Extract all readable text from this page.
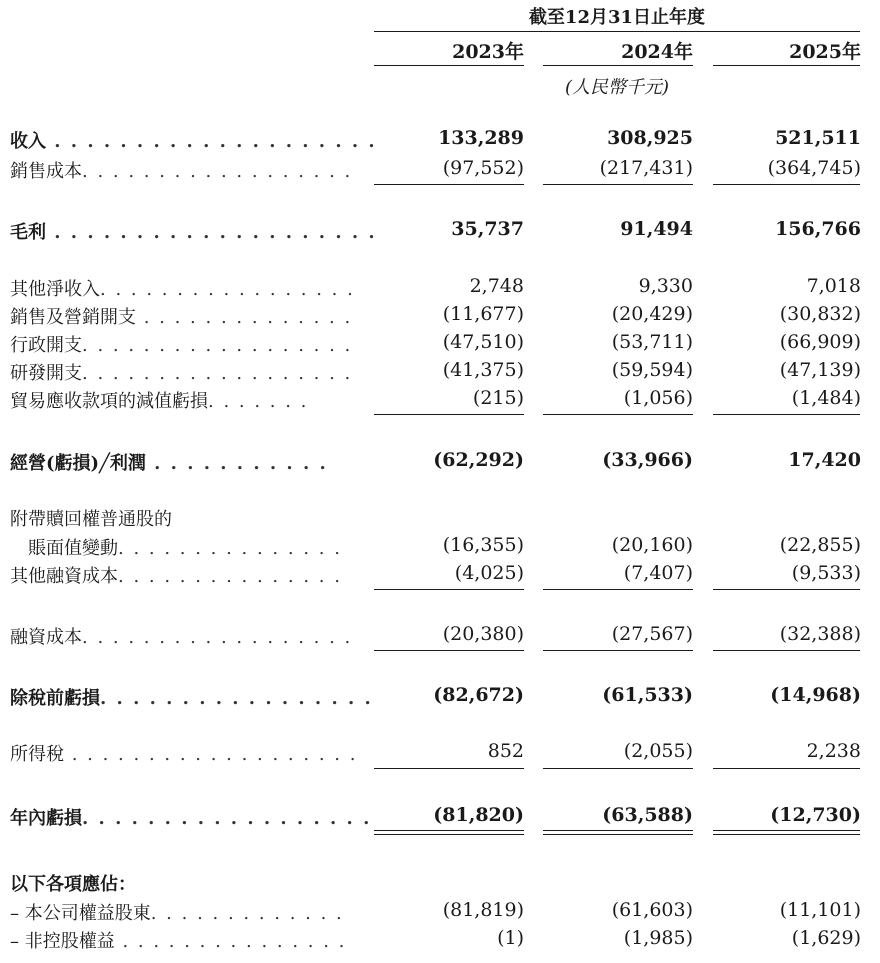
截至12月31日止年度
2023年	2024年	2025年
(人民幣千元)
收入 . . . . . . . . . . . . . . . . . . . .	133,289	308,925	521,511
銷售成本. . . . . . . . . . . . . . . . . .	(97,552)	(217,431)	(364,745)
毛利 . . . . . . . . . . . . . . . . . . . .	35,737	91,494	156,766
其他淨收入. . . . . . . . . . . . . . . . .	2,748	9,330	7,018
銷售及營銷開支 . . . . . . . . . . . . . .	(11,677)	(20,429)	(30,832)
行政開支. . . . . . . . . . . . . . . . . .	(47,510)	(53,711)	(66,909)
研發開支. . . . . . . . . . . . . . . . . .	(41,375)	(59,594)	(47,139)
貿易應收款項的減值虧損. . . . . . .	(215)	(1,056)	(1,484)
經營(虧損)╱利潤 . . . . . . . . . . .	(62,292)	(33,966)	17,420
附帶贖回權普通股的
　賬面值變動. . . . . . . . . . . . . . .	(16,355)	(20,160)	(22,855)
其他融資成本. . . . . . . . . . . . . . .	(4,025)	(7,407)	(9,533)
融資成本. . . . . . . . . . . . . . . . . .	(20,380)	(27,567)	(32,388)
除稅前虧損. . . . . . . . . . . . . . . . .	(82,672)	(61,533)	(14,968)
所得稅 . . . . . . . . . . . . . . . . . . .	852	(2,055)	2,238
年內虧損. . . . . . . . . . . . . . . . . .	(81,820)	(63,588)	(12,730)
以下各項應佔：
– 本公司權益股東. . . . . . . . . . . . .	(81,819)	(61,603)	(11,101)
– 非控股權益 . . . . . . . . . . . . . . .	(1)	(1,985)	(1,629)
